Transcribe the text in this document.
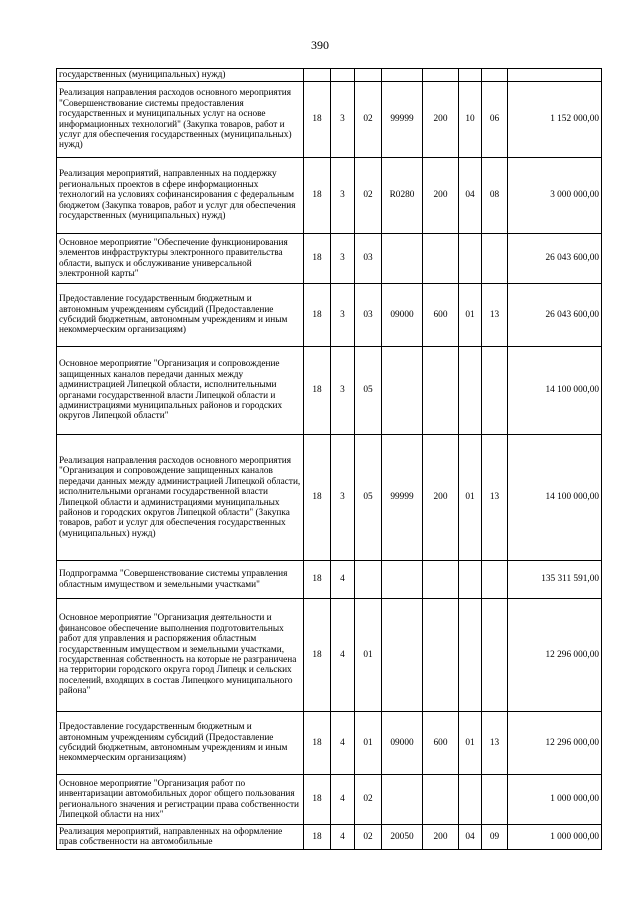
390
государственных (муниципальных) нужд)								
Реализация направления расходов основного мероприятия "Совершенствование системы предоставления государственных и муниципальных услуг на основе информационных технологий" (Закупка товаров, работ и услуг для обеспечения государственных (муниципальных) нужд)	18	3	02	99999	200	10	06	1 152 000,00
Реализация мероприятий, направленных на поддержку региональных проектов в сфере информационных технологий на условиях софинансирования с федеральным бюджетом (Закупка товаров, работ и услуг для обеспечения государственных (муниципальных) нужд)	18	3	02	R0280	200	04	08	3 000 000,00
Основное мероприятие "Обеспечение функционирования элементов инфраструктуры электронного правительства области, выпуск и обслуживание универсальной электронной карты"	18	3	03					26 043 600,00
Предоставление государственным бюджетным и автономным учреждениям субсидий (Предоставление субсидий бюджетным, автономным учреждениям и иным некоммерческим организациям)	18	3	03	09000	600	01	13	26 043 600,00
Основное мероприятие "Организация и сопровождение защищенных каналов передачи данных между администрацией Липецкой области, исполнительными органами государственной власти Липецкой области и администрациями муниципальных районов и городских округов Липецкой области"	18	3	05					14 100 000,00
Реализация направления расходов основного мероприятия "Организация и сопровождение защищенных каналов передачи данных между администрацией Липецкой области, исполнительными органами государственной власти Липецкой области и администрациями муниципальных районов и городских округов Липецкой области" (Закупка товаров, работ и услуг для обеспечения государственных (муниципальных) нужд)	18	3	05	99999	200	01	13	14 100 000,00
Подпрограмма "Совершенствование системы управления областным имуществом и земельными участками"	18	4						135 311 591,00
Основное мероприятие "Организация деятельности и финансовое обеспечение выполнения подготовительных работ для управления и распоряжения областным государственным имуществом и земельными участками, государственная собственность на которые не разграничена на территории городского округа город Липецк и сельских поселений, входящих в состав Липецкого муниципального района"	18	4	01					12 296 000,00
Предоставление государственным бюджетным и автономным учреждениям субсидий (Предоставление субсидий бюджетным, автономным учреждениям и иным некоммерческим организациям)	18	4	01	09000	600	01	13	12 296 000,00
Основное мероприятие "Организация работ по инвентаризации автомобильных дорог общего пользования регионального значения и регистрации права собственности Липецкой области на них"	18	4	02					1 000 000,00
Реализация мероприятий, направленных на оформление прав собственности на автомобильные	18	4	02	20050	200	04	09	1 000 000,00
